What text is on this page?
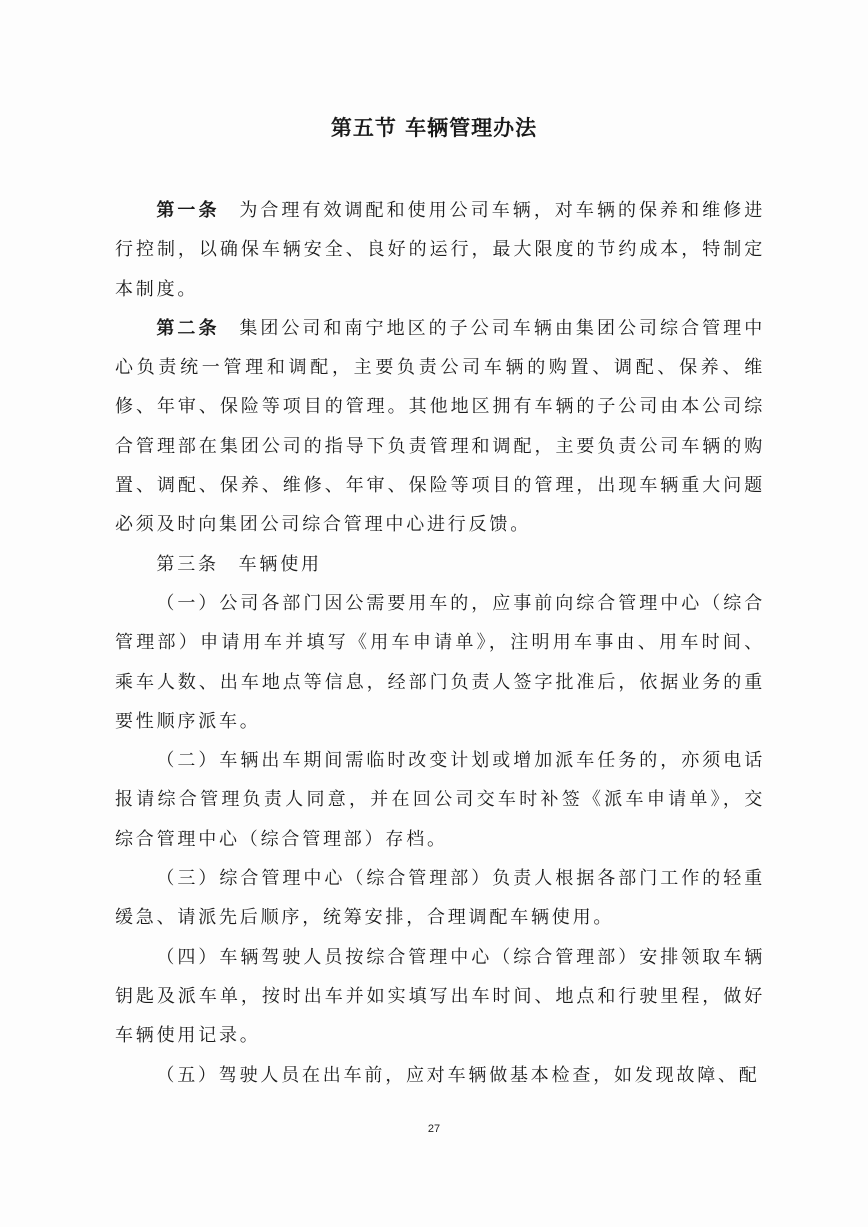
第五节 车辆管理办法

第一条 为合理有效调配和使用公司车辆，对车辆的保养和维修进行控制，以确保车辆安全、良好的运行，最大限度的节约成本，特制定本制度。

第二条 集团公司和南宁地区的子公司车辆由集团公司综合管理中心负责统一管理和调配，主要负责公司车辆的购置、调配、保养、维修、年审、保险等项目的管理。其他地区拥有车辆的子公司由本公司综合管理部在集团公司的指导下负责管理和调配，主要负责公司车辆的购置、调配、保养、维修、年审、保险等项目的管理，出现车辆重大问题必须及时向集团公司综合管理中心进行反馈。

第三条 车辆使用

（一）公司各部门因公需要用车的，应事前向综合管理中心（综合管理部）申请用车并填写《用车申请单》，注明用车事由、用车时间、乘车人数、出车地点等信息，经部门负责人签字批准后，依据业务的重要性顺序派车。

（二）车辆出车期间需临时改变计划或增加派车任务的，亦须电话报请综合管理负责人同意，并在回公司交车时补签《派车申请单》，交综合管理中心（综合管理部）存档。

（三）综合管理中心（综合管理部）负责人根据各部门工作的轻重缓急、请派先后顺序，统筹安排，合理调配车辆使用。

（四）车辆驾驶人员按综合管理中心（综合管理部）安排领取车辆钥匙及派车单，按时出车并如实填写出车时间、地点和行驶里程，做好车辆使用记录。

（五）驾驶人员在出车前，应对车辆做基本检查，如发现故障、配

27
